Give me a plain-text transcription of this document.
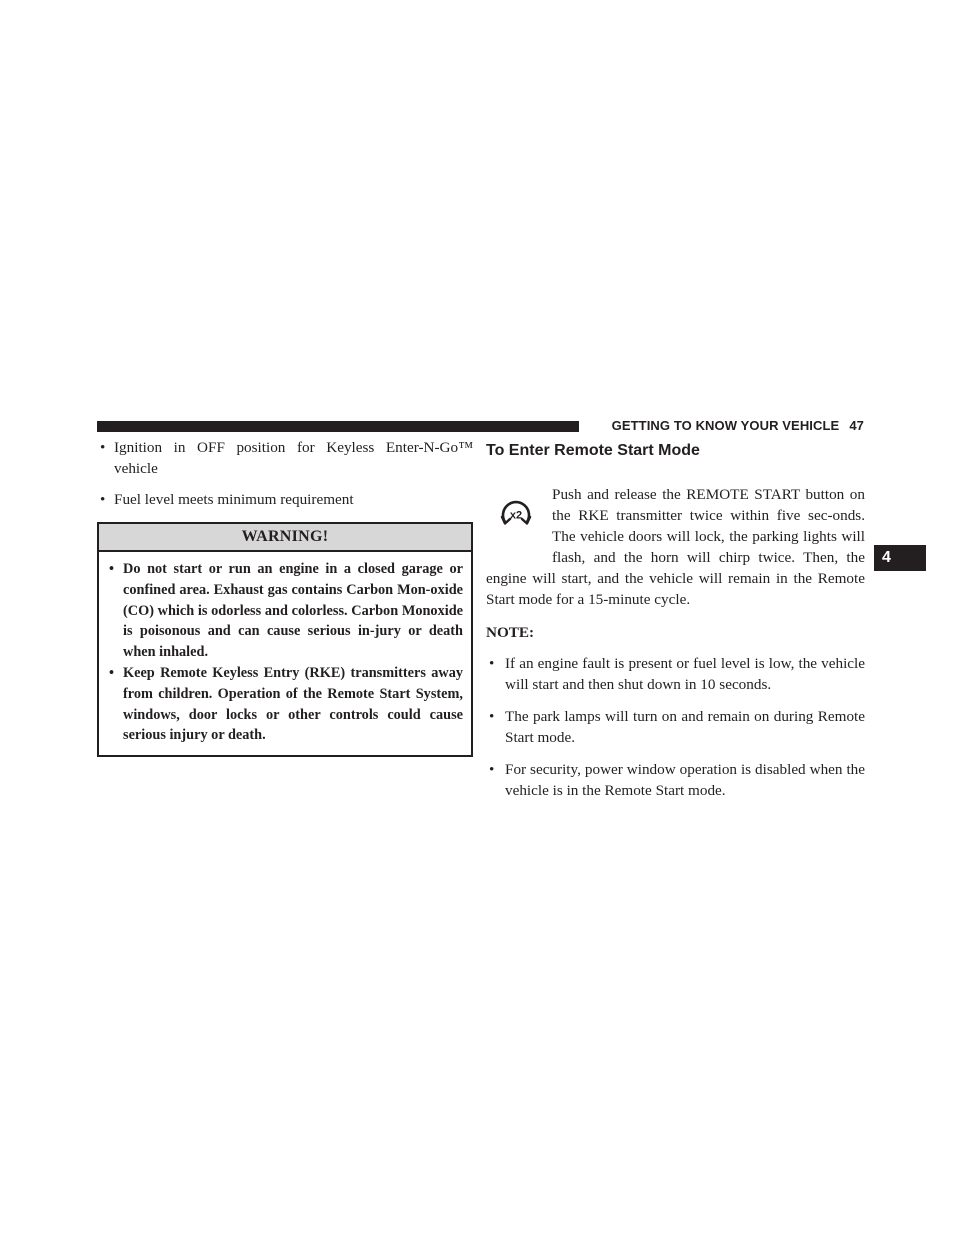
GETTING TO KNOW YOUR VEHICLE 47
4
• Ignition in OFF position for Keyless Enter-N-Go™ vehicle
• Fuel level meets minimum requirement
WARNING!
• Do not start or run an engine in a closed garage or confined area. Exhaust gas contains Carbon Mon-oxide (CO) which is odorless and colorless. Carbon Monoxide is poisonous and can cause serious in-jury or death when inhaled.
• Keep Remote Keyless Entry (RKE) transmitters away from children. Operation of the Remote Start System, windows, door locks or other controls could cause serious injury or death.
To Enter Remote Start Mode
x2
Push and release the REMOTE START button on the RKE transmitter twice within five sec-onds. The vehicle doors will lock, the parking lights will flash, and the horn will chirp twice. Then, the engine will start, and the vehicle will remain in the Remote Start mode for a 15-minute cycle.
NOTE:
• If an engine fault is present or fuel level is low, the vehicle will start and then shut down in 10 seconds.
• The park lamps will turn on and remain on during Remote Start mode.
• For security, power window operation is disabled when the vehicle is in the Remote Start mode.
